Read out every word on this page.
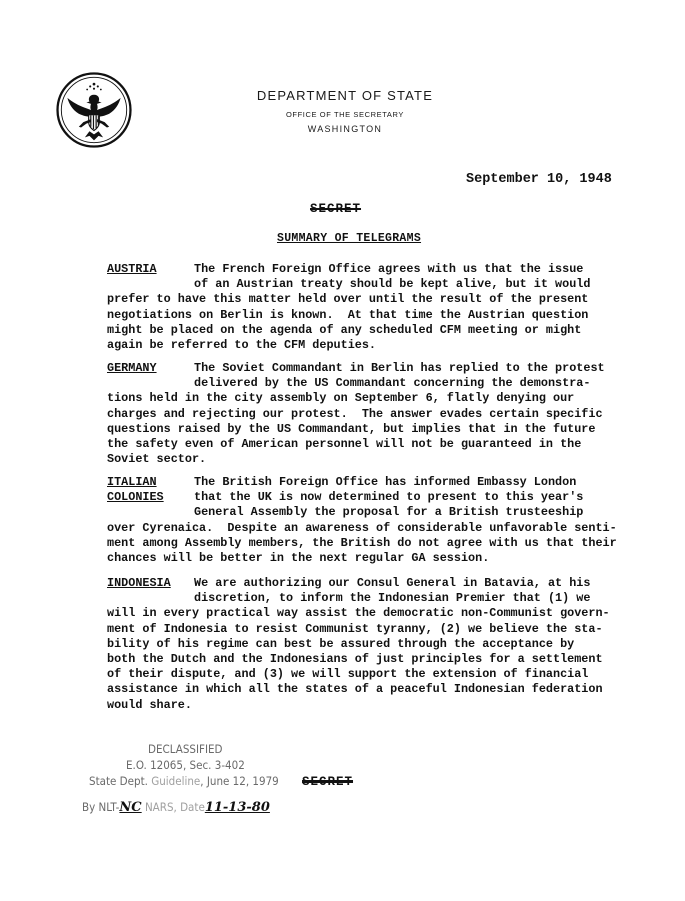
DEPARTMENT OF STATE
OFFICE OF THE SECRETARY
WASHINGTON
September 10, 1948
SECRET
SUMMARY OF TELEGRAMS
AUSTRIA	The French Foreign Office agrees with us that the issue
of an Austrian treaty should be kept alive, but it would
prefer to have this matter held over until the result of the present
negotiations on Berlin is known.  At that time the Austrian question
might be placed on the agenda of any scheduled CFM meeting or might
again be referred to the CFM deputies.
GERMANY	The Soviet Commandant in Berlin has replied to the protest
delivered by the US Commandant concerning the demonstra-
tions held in the city assembly on September 6, flatly denying our
charges and rejecting our protest.  The answer evades certain specific
questions raised by the US Commandant, but implies that in the future
the safety even of American personnel will not be guaranteed in the
Soviet sector.
ITALIAN
COLONIES
The British Foreign Office has informed Embassy London
that the UK is now determined to present to this year's
General Assembly the proposal for a British trusteeship
over Cyrenaica.  Despite an awareness of considerable unfavorable senti-
ment among Assembly members, the British do not agree with us that their
chances will be better in the next regular GA session.
INDONESIA	We are authorizing our Consul General in Batavia, at his
discretion, to inform the Indonesian Premier that (1) we
will in every practical way assist the democratic non-Communist govern-
ment of Indonesia to resist Communist tyranny, (2) we believe the sta-
bility of his regime can best be assured through the acceptance by
both the Dutch and the Indonesians of just principles for a settlement
of their dispute, and (3) we will support the extension of financial
assistance in which all the states of a peaceful Indonesian federation
would share.
DECLASSIFIED
E.O. 12065, Sec. 3-402
State Dept. Guideline, June 12, 1979
By NLT-NC NARS, Date11-13-80
SECRET
